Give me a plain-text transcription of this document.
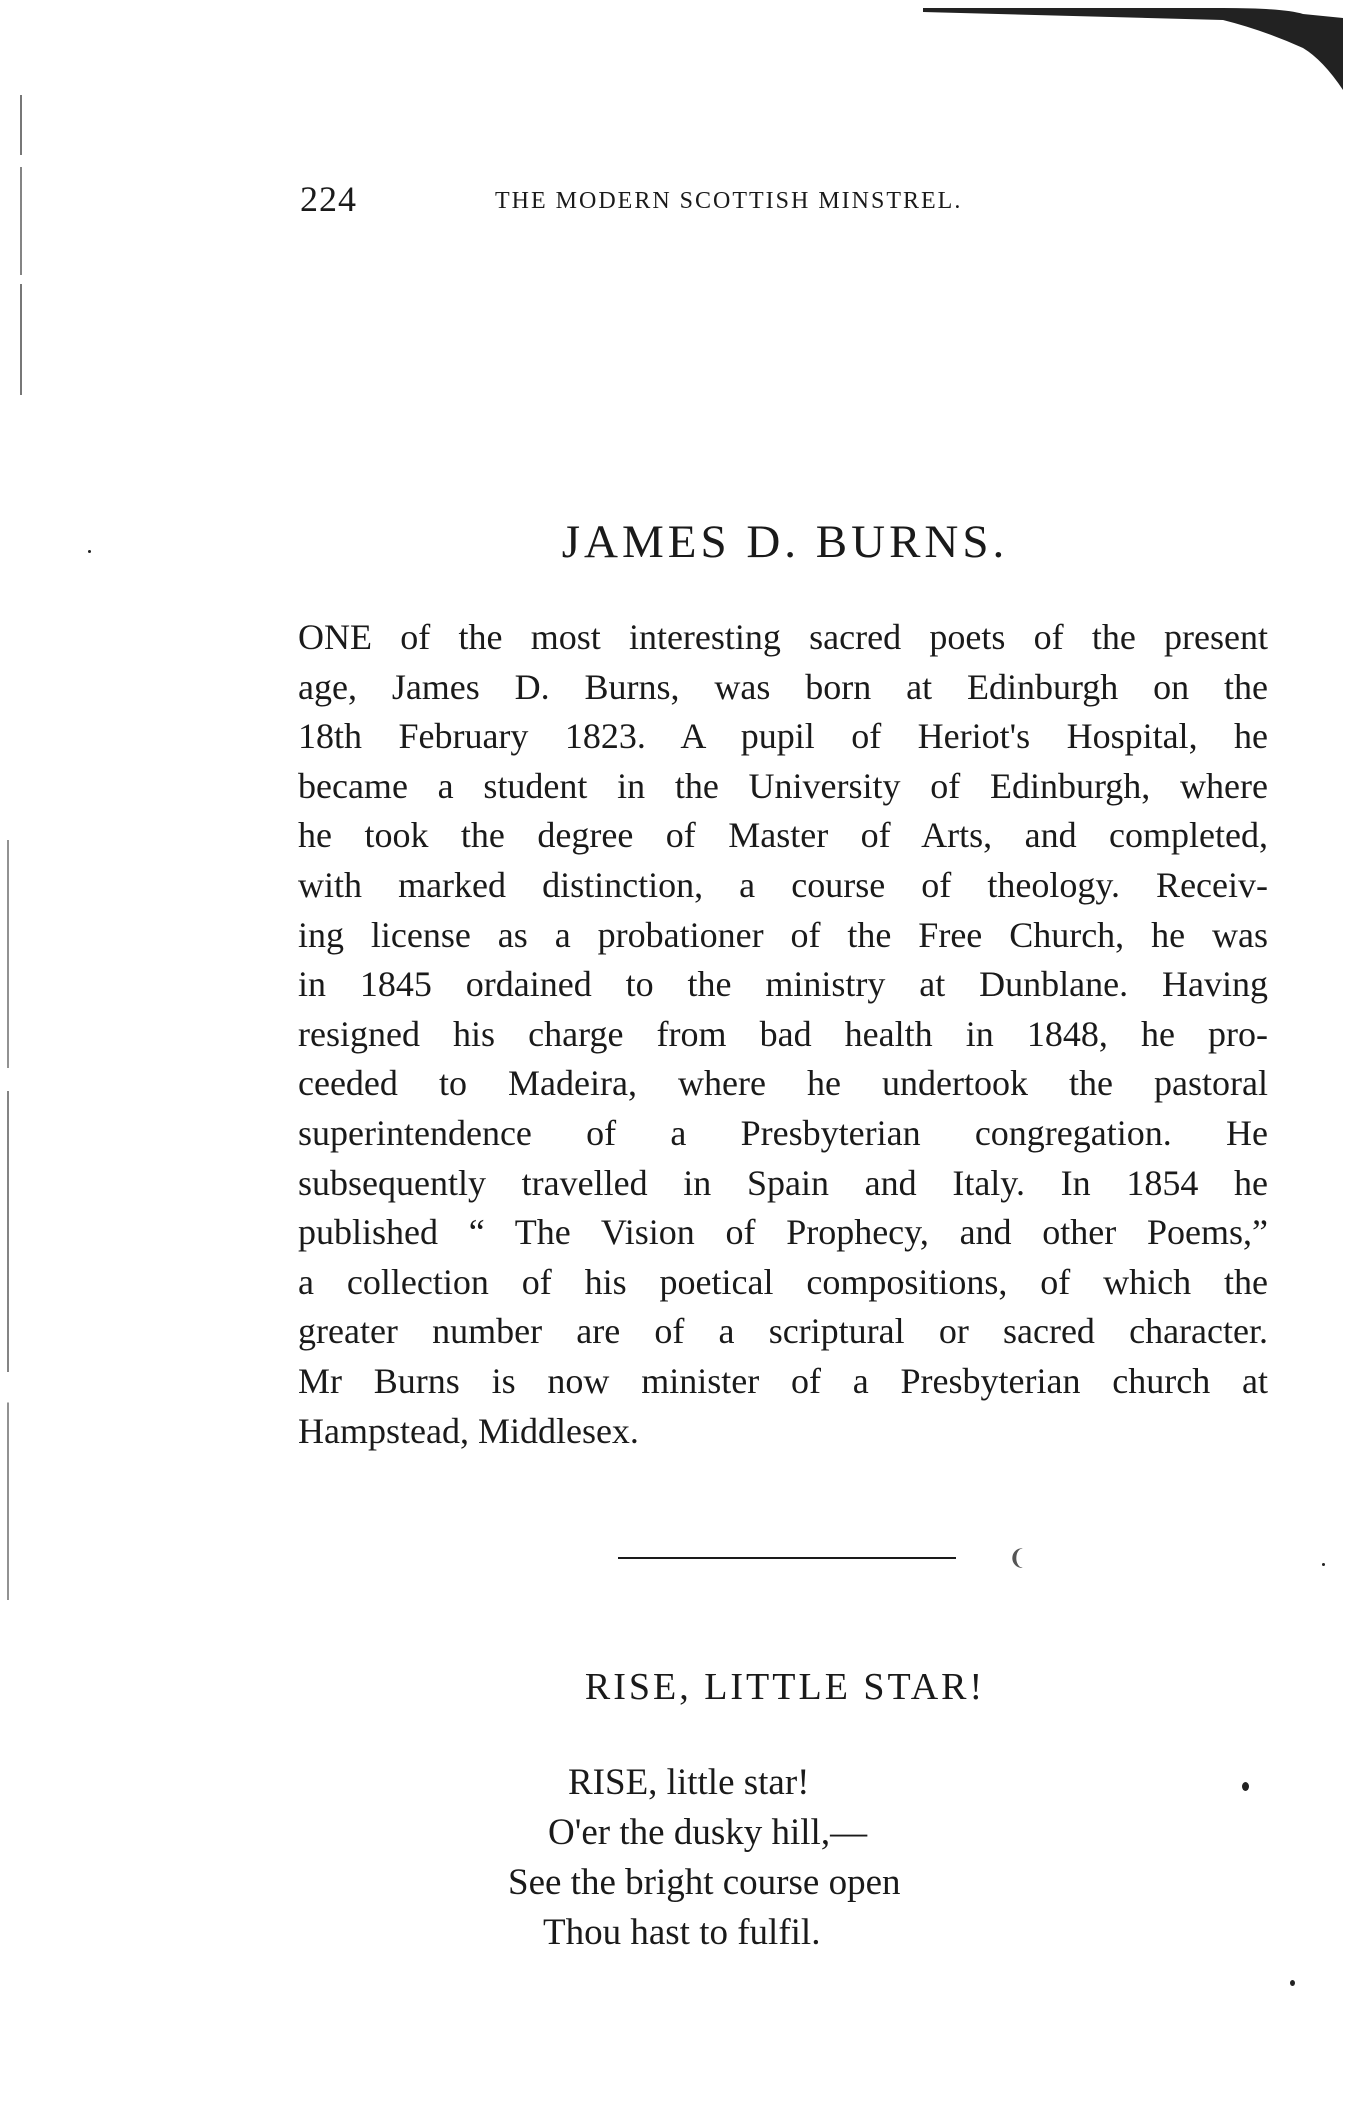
224	THE MODERN SCOTTISH MINSTREL.
JAMES D. BURNS.
ONE of the most interesting sacred poets of the present
age, James D. Burns, was born at Edinburgh on the
18th February 1823. A pupil of Heriot's Hospital, he
became a student in the University of Edinburgh, where
he took the degree of Master of Arts, and completed,
with marked distinction, a course of theology. Receiv-
ing license as a probationer of the Free Church, he was
in 1845 ordained to the ministry at Dunblane. Having
resigned his charge from bad health in 1848, he pro-
ceeded to Madeira, where he undertook the pastoral
superintendence of a Presbyterian congregation. He
subsequently travelled in Spain and Italy. In 1854 he
published “ The Vision of Prophecy, and other Poems,”
a collection of his poetical compositions, of which the
greater number are of a scriptural or sacred character.
Mr Burns is now minister of a Presbyterian church at
Hampstead, Middlesex.
❨
RISE, LITTLE STAR!
RISE, little star!
O'er the dusky hill,—
See the bright course open
Thou hast to fulfil.
